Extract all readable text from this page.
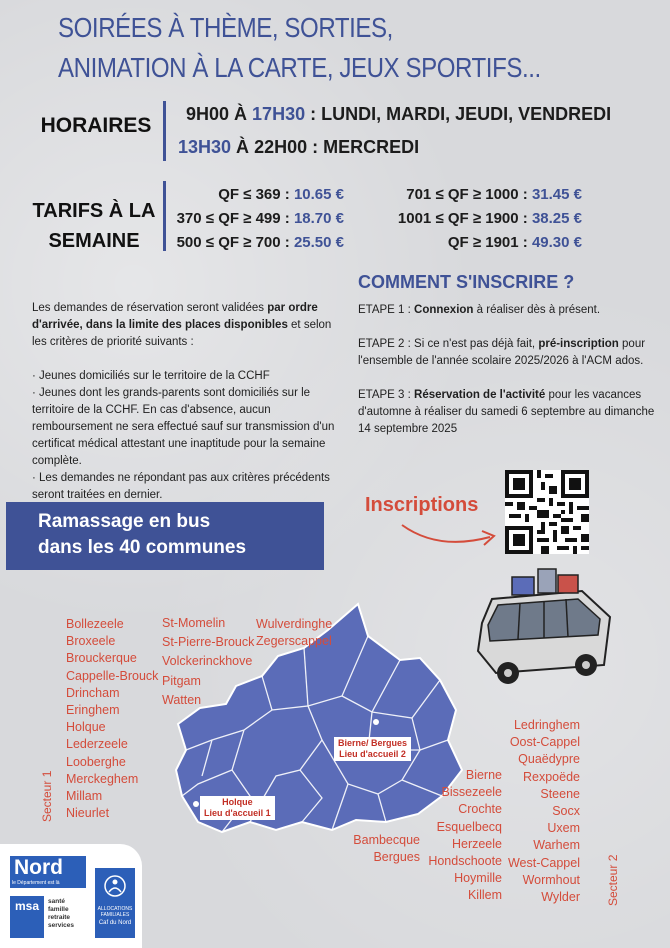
SOIRÉES À THÈME, SORTIES,
ANIMATION À LA CARTE, JEUX SPORTIFS...
HORAIRES 9H00 À 17H30 : LUNDI, MARDI, JEUDI, VENDREDI
13H30 À 22H00 : MERCREDI
TARIFS À LA
SEMAINE
QF ≤ 369 : 10.65 €
370 ≤ QF ≥ 499 : 18.70 €
500 ≤ QF ≥ 700 : 25.50 €
701 ≤ QF ≥ 1000 : 31.45 €
1001 ≤ QF ≥ 1900 : 38.25 €
QF ≥ 1901 : 49.30 €

Les demandes de réservation seront validées par ordre d'arrivée, dans la limite des places disponibles et selon les critères de priorité suivants :

· Jeunes domiciliés sur le territoire de la CCHF

· Jeunes dont les grands-parents sont domiciliés sur le territoire de la CCHF. En cas d'absence, aucun remboursement ne sera effectué sauf sur transmission d'un certificat médical attestant une inaptitude pour la semaine complète.

· Les demandes ne répondant pas aux critères précédents seront traitées en dernier.

COMMENT S'INSCRIRE ?

ETAPE 1 : Connexion à réaliser dès à présent.

ETAPE 2 : Si ce n'est pas déjà fait, pré-inscription pour l'ensemble de l'année scolaire 2025/2026 à l'ACM ados.

ETAPE 3 : Réservation de l'activité pour les vacances d'automne à réaliser du samedi 6 septembre au dimanche 14 septembre 2025

Ramassage en bus
dans les 40 communes
Inscriptions
Holque
Lieu d'accueil 1
Bierne/ Bergues
Lieu d'accueil 2
Secteur 1
Secteur 2
Bollezeele
Broxeele
Brouckerque
Cappelle-Brouck
Drincham
Eringhem
Holque
Lederzeele
Looberghe
Merckeghem
Millam
Nieurlet
St-Momelin
St-Pierre-Brouck
Volckerinckhove
Pitgam
Watten
Wulverdinghe
Zegerscappel
Bambecque
Bergues
Bierne
Bissezeele
Crochte
Esquelbecq
Herzeele
Hondschoote
Hoymille
Killem
Ledringhem
Oost-Cappel
Quaëdypre
Rexpoëde
Steene
Socx
Uxem
Warhem
West-Cappel
Wormhout
Wylder
Nord
le Département est là
msa	santé
famille
retraite
services
ALLOCATIONS FAMILIALES
Caf du Nord
